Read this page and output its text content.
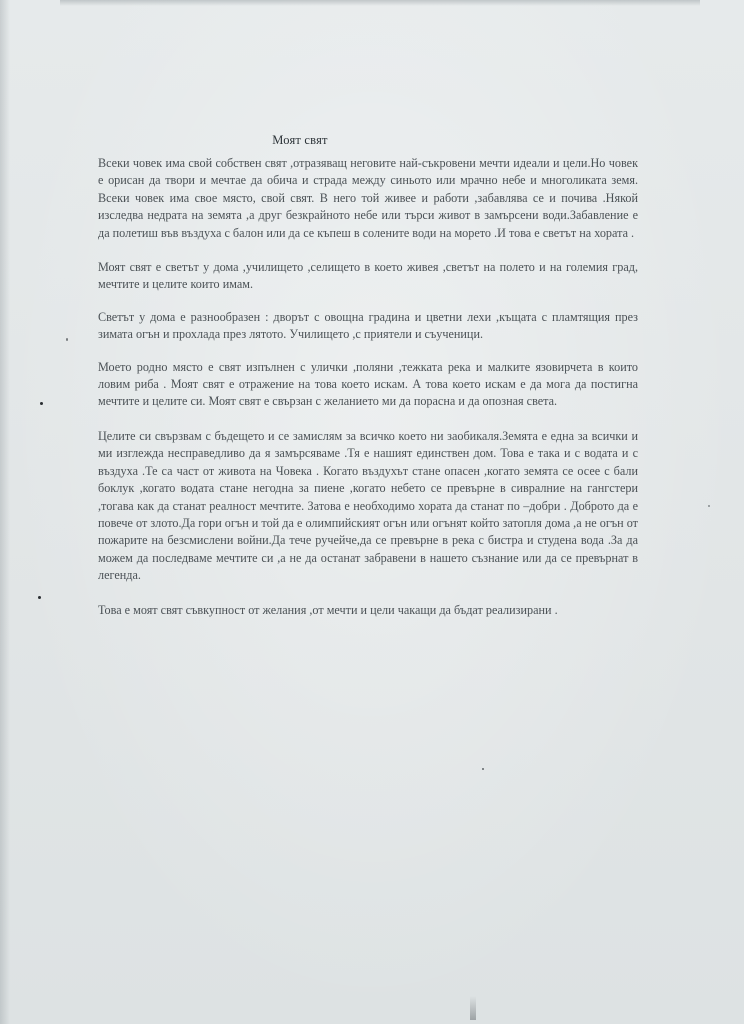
Моят свят

Всеки човек има свой собствен свят ,отразяващ неговите най-съкровени мечти идеали и цели.Но човек е орисан да твори и мечтае да обича и страда между синьото или мрачно небе и многоликата земя. Всеки човек има свое място, свой свят. В него той живее и работи ,забавлява се и почива .Някой изследва недрата на земята ,а друг безкрайното небе или търси живот в замърсени води.Забавление е да полетиш във въздуха с балон или да се къпеш в солените води на морето .И това е светът на хората .

Моят свят е светът у дома ,училището ,селището в което живея ,светът на полето и на големия град, мечтите и целите които имам.

Светът у дома е разнообразен : дворът с овощна градина и цветни лехи ,къщата с пламтящия през зимата огън и прохлада през лятото. Училището ,с приятели и съученици.

Моето родно място е свят изпълнен с улички ,поляни ,тежката река и малките язовирчета в които ловим риба . Моят свят е отражение на това което искам. А това което искам е да мога да постигна мечтите и целите си. Моят свят е свързан с желанието ми да порасна и да опозная света.

Целите си свързвам с бъдещето и се замислям за всичко което ни заобикаля.Земята е една за всички и ми изглежда несправедливо да я замърсяваме .Тя е нашият единствен дом. Това е така и с водата и с въздуха .Те са част от живота на Човека . Когато въздухът стане опасен ,когато земята се осее с бали боклук ,когато водата стане негодна за пиене ,когато небето се превърне в сивралние на гангстери ,тогава как да станат реалност мечтите. Затова е необходимо хората да станат по –добри . Доброто да е повече от злото.Да гори огън и той да е олимпийският огън или огънят който затопля дома ,а не огън от пожарите на безсмислени войни.Да тече ручейче,да се превърне в река с бистра и студена вода .За да можем да последваме мечтите си ,а не да останат забравени в нашето съзнание или да се превърнат в легенда.

Това е моят свят съвкупност от желания ,от мечти и цели чакащи да бъдат реализирани .
